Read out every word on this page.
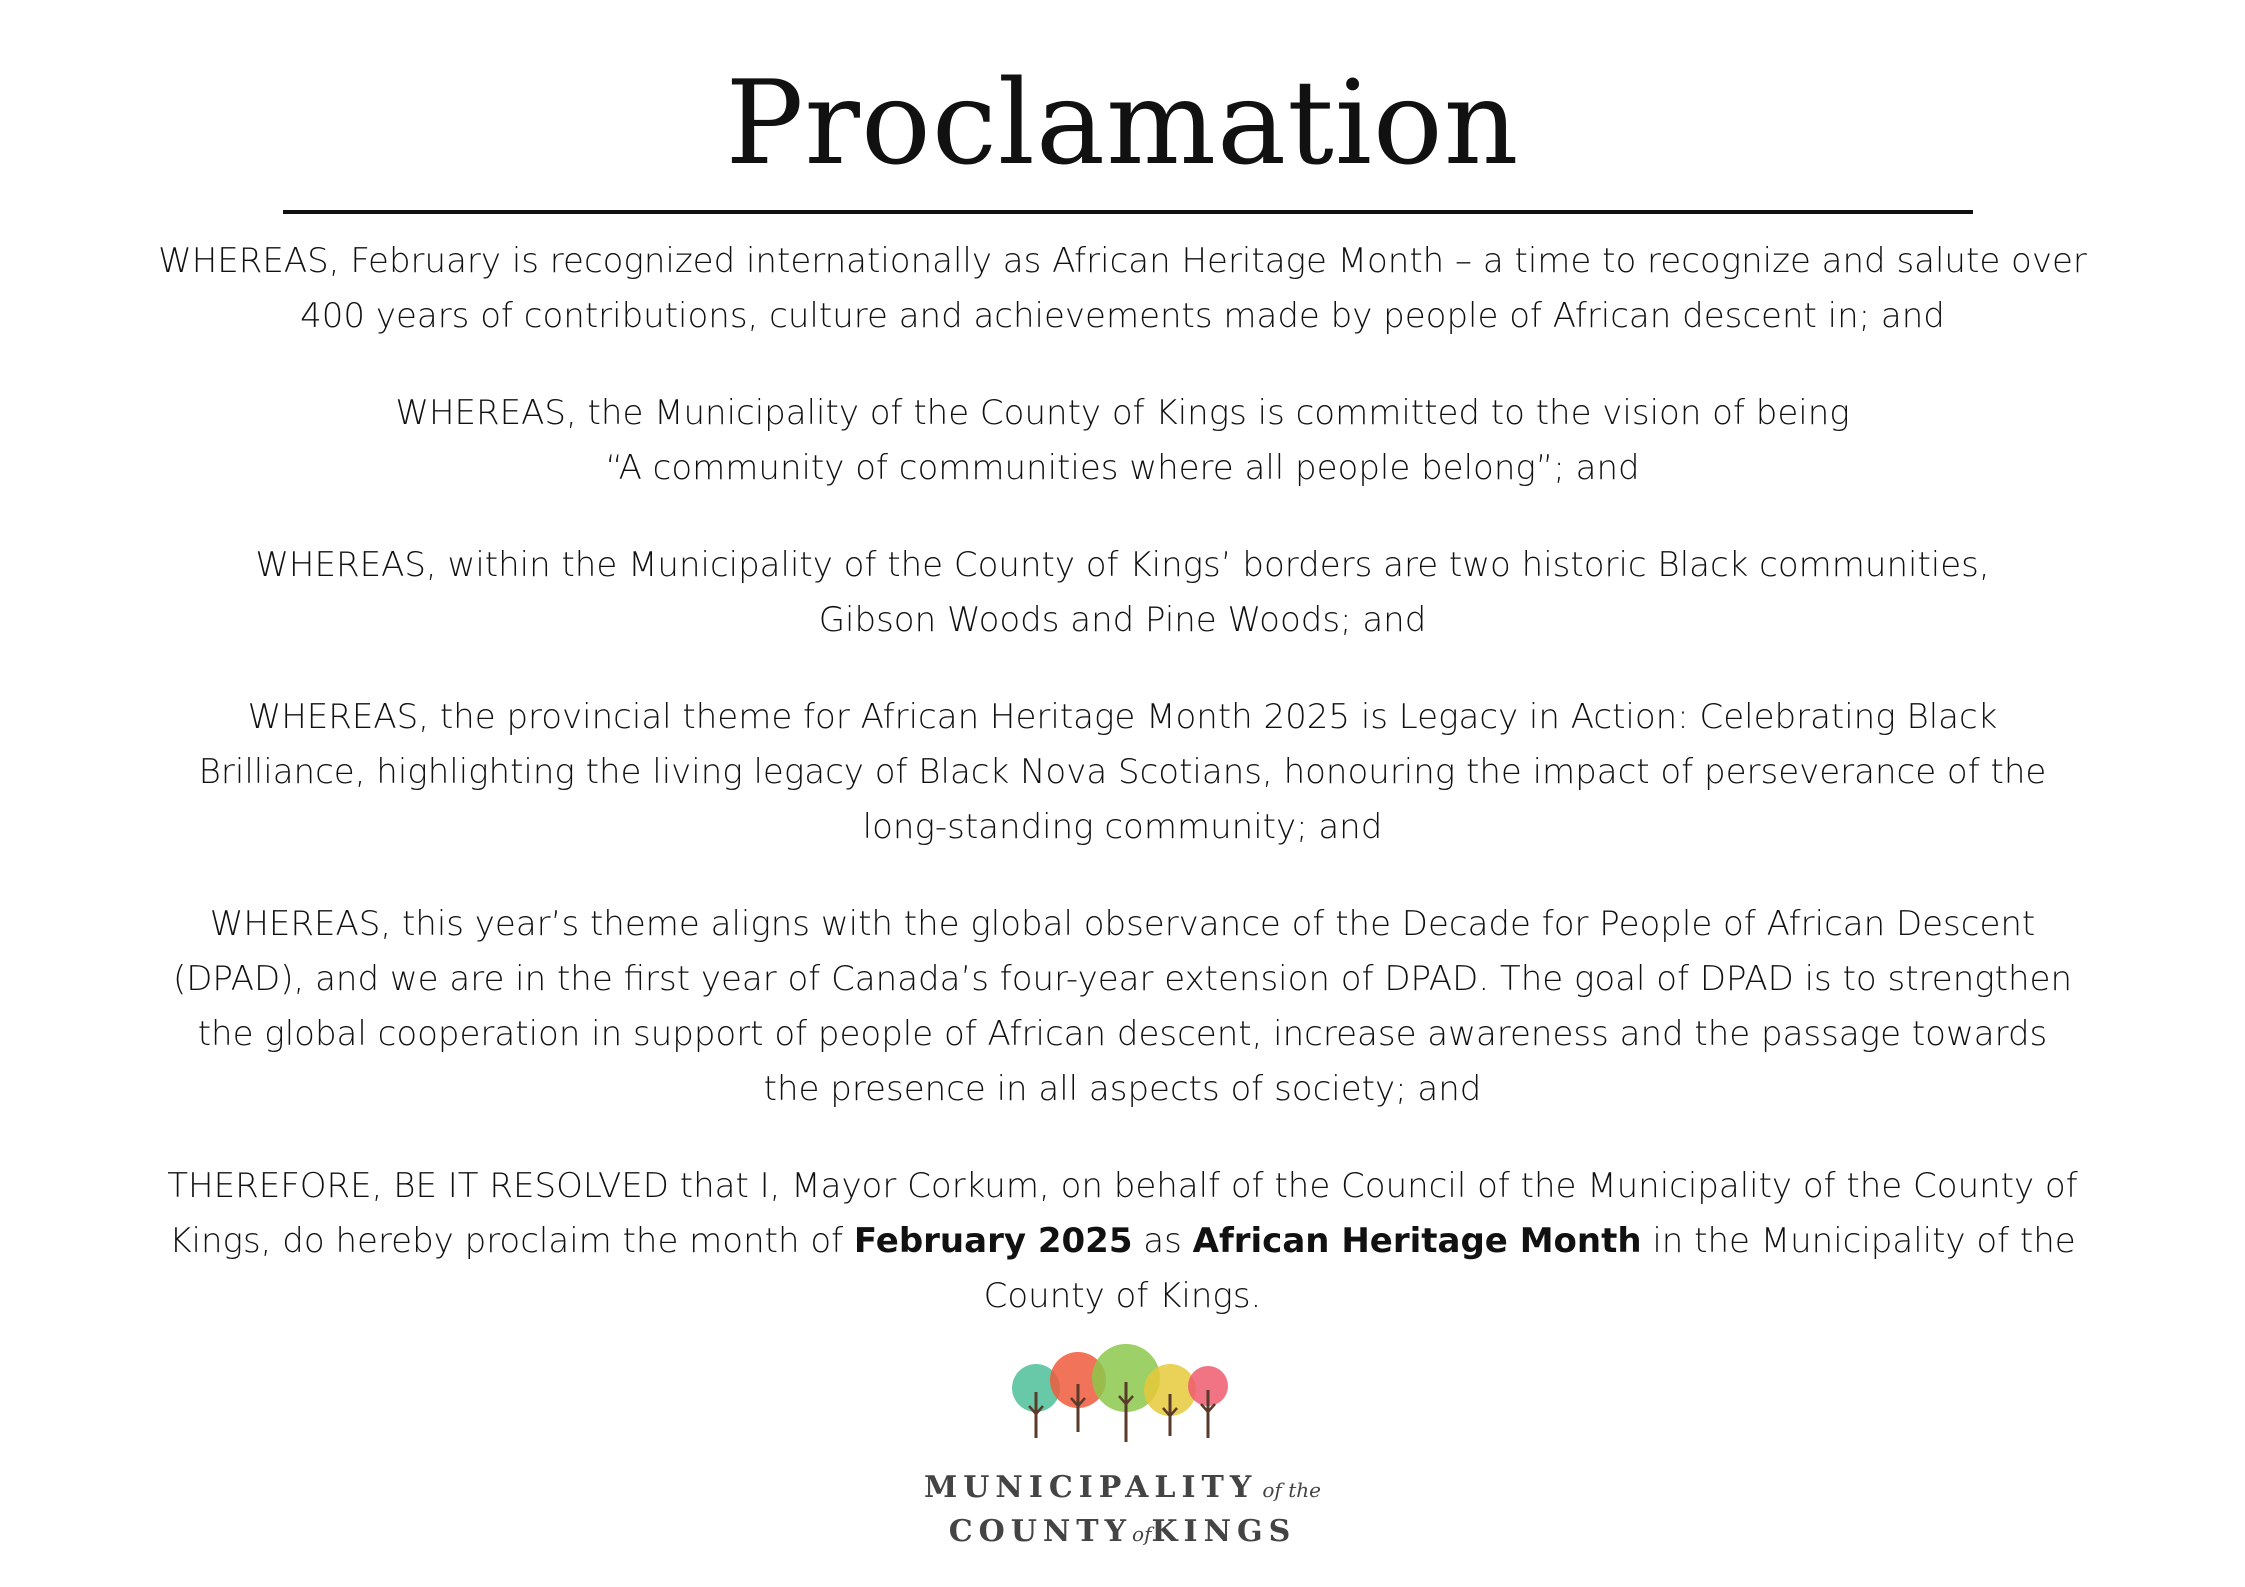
Proclamation

WHEREAS, February is recognized internationally as African Heritage Month – a time to recognize and salute over
400 years of contributions, culture and achievements made by people of African descent in; and

WHEREAS, the Municipality of the County of Kings is committed to the vision of being
“A community of communities where all people belong”; and

WHEREAS, within the Municipality of the County of Kings’ borders are two historic Black communities,
Gibson Woods and Pine Woods; and

WHEREAS, the provincial theme for African Heritage Month 2025 is Legacy in Action: Celebrating Black
Brilliance, highlighting the living legacy of Black Nova Scotians, honouring the impact of perseverance of the
long-standing community; and

WHEREAS, this year’s theme aligns with the global observance of the Decade for People of African Descent
(DPAD), and we are in the first year of Canada’s four-year extension of DPAD. The goal of DPAD is to strengthen
the global cooperation in support of people of African descent, increase awareness and the passage towards
the presence in all aspects of society; and

THEREFORE, BE IT RESOLVED that I, Mayor Corkum, on behalf of the Council of the Municipality of the County of
Kings, do hereby proclaim the month of February 2025 as African Heritage Month in the Municipality of the
County of Kings.

MUNICIPALITY of the
COUNTYofKINGS
